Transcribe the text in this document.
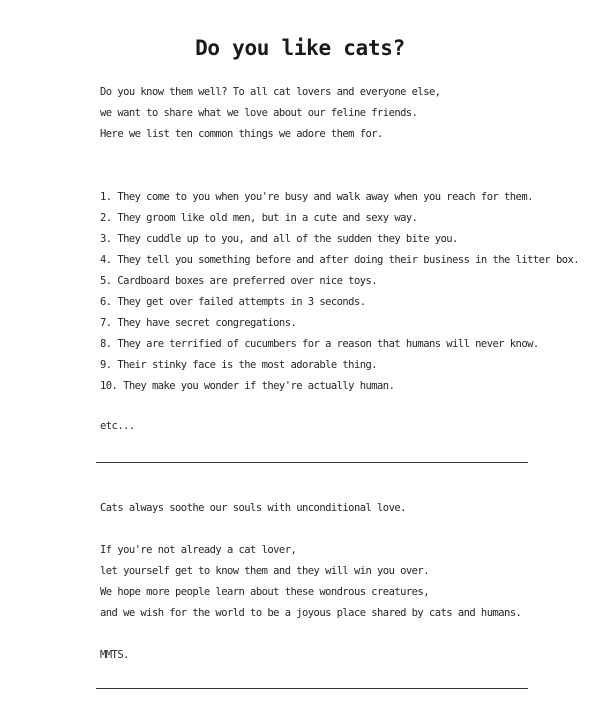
Do you like cats?
Do you know them well? To all cat lovers and everyone else,
we want to share what we love about our feline friends.
Here we list ten common things we adore them for.
1. They come to you when you're busy and walk away when you reach for them.
2. They groom like old men, but in a cute and sexy way.
3. They cuddle up to you, and all of the sudden they bite you.
4. They tell you something before and after doing their business in the litter box.
5. Cardboard boxes are preferred over nice toys.
6. They get over failed attempts in 3 seconds.
7. They have secret congregations.
8. They are terrified of cucumbers for a reason that humans will never know.
9. Their stinky face is the most adorable thing.
10. They make you wonder if they're actually human.
etc...
Cats always soothe our souls with unconditional love.
If you're not already a cat lover,
let yourself get to know them and they will win you over.
We hope more people learn about these wondrous creatures,
and we wish for the world to be a joyous place shared by cats and humans.
MMTS.
